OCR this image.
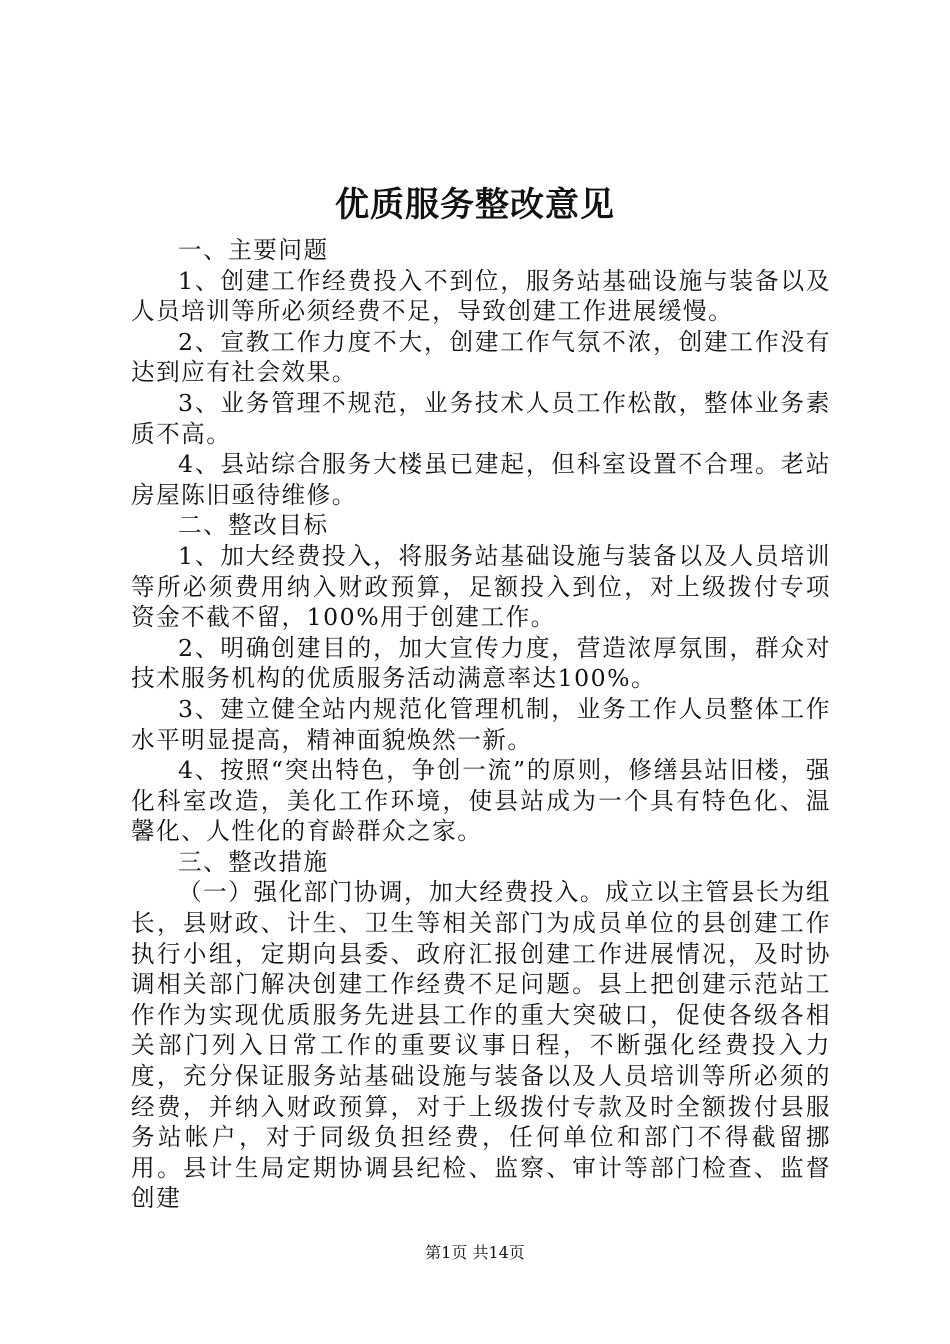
优质服务整改意见

一、主要问题

1、创建工作经费投入不到位，服务站基础设施与装备以及人员培训等所必须经费不足，导致创建工作进展缓慢。

2、宣教工作力度不大，创建工作气氛不浓，创建工作没有达到应有社会效果。

3、业务管理不规范，业务技术人员工作松散，整体业务素质不高。

4、县站综合服务大楼虽已建起，但科室设置不合理。老站房屋陈旧亟待维修。

二、整改目标

1、加大经费投入，将服务站基础设施与装备以及人员培训等所必须费用纳入财政预算，足额投入到位，对上级拨付专项资金不截不留，100%用于创建工作。

2、明确创建目的，加大宣传力度，营造浓厚氛围，群众对技术服务机构的优质服务活动满意率达100%。

3、建立健全站内规范化管理机制，业务工作人员整体工作水平明显提高，精神面貌焕然一新。

4、按照“突出特色，争创一流”的原则，修缮县站旧楼，强化科室改造，美化工作环境，使县站成为一个具有特色化、温馨化、人性化的育龄群众之家。

三、整改措施

（一）强化部门协调，加大经费投入。成立以主管县长为组长，县财政、计生、卫生等相关部门为成员单位的县创建工作执行小组，定期向县委、政府汇报创建工作进展情况，及时协调相关部门解决创建工作经费不足问题。县上把创建示范站工作作为实现优质服务先进县工作的重大突破口，促使各级各相关部门列入日常工作的重要议事日程，不断强化经费投入力度，充分保证服务站基础设施与装备以及人员培训等所必须的经费，并纳入财政预算，对于上级拨付专款及时全额拨付县服务站帐户，对于同级负担经费，任何单位和部门不得截留挪用。县计生局定期协调县纪检、监察、审计等部门检查、监督创建

第1页 共14页
